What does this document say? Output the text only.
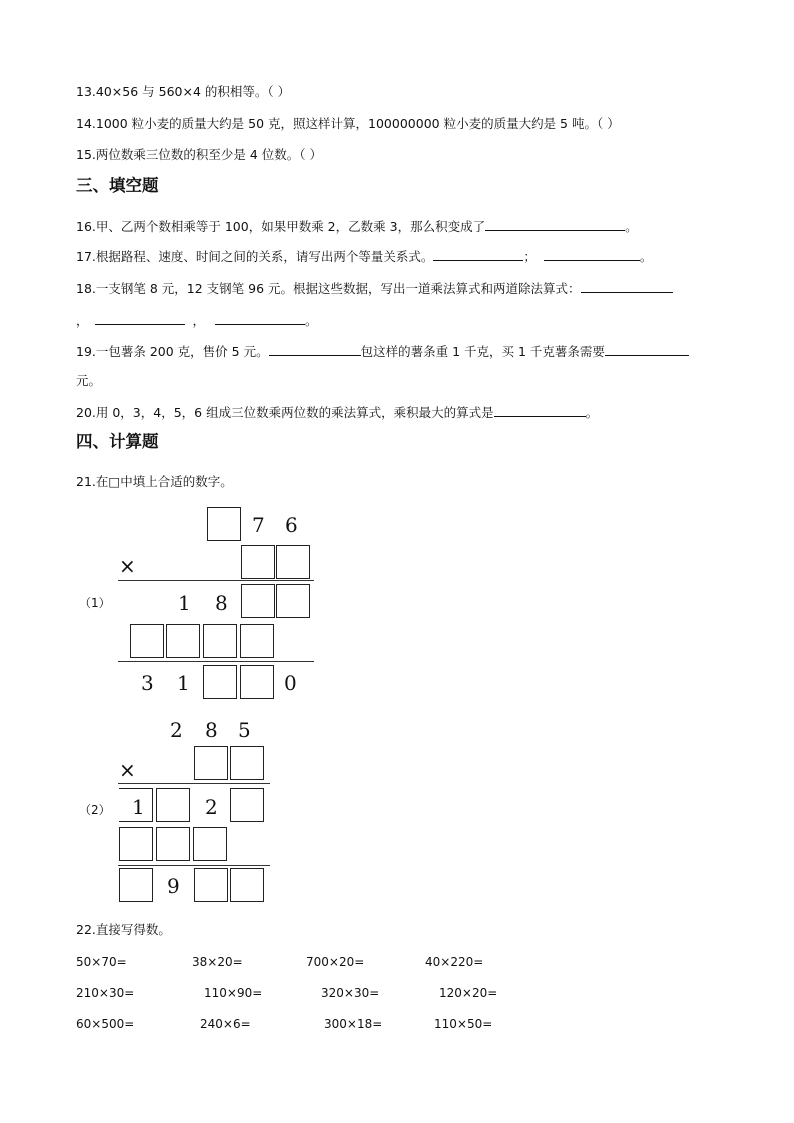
13.40×56 与 560×4 的积相等。（ ）
14.1000 粒小麦的质量大约是 50 克，照这样计算，100000000 粒小麦的质量大约是 5 吨。（ ）
15.两位数乘三位数的积至少是 4 位数。（ ）
三、填空题
16.甲、乙两个数相乘等于 100，如果甲数乘 2，乙数乘 3，那么积变成了	。
17.根据路程、速度、时间之间的关系，请写出两个等量关系式。	；	。
18.一支钢笔 8 元，12 支钢笔 96 元。根据这些数据，写出一道乘法算式和两道除法算式：
，	，	。
19.一包薯条 200 克，售价 5 元。	包这样的薯条重 1 千克，买 1 千克薯条需要
元。
20.用 0，3，4，5，6 组成三位数乘两位数的乘法算式，乘积最大的算式是	。
四、计算题
21.在□中填上合适的数字。
（1）
7 6
×
1 8
3 1	0
（2）
2 8 5
×
1	2
9
22.直接写得数。
50×70=	38×20=	700×20=	40×220=
210×30=	110×90=	320×30=	120×20=
60×500=	240×6=	300×18=	110×50=
